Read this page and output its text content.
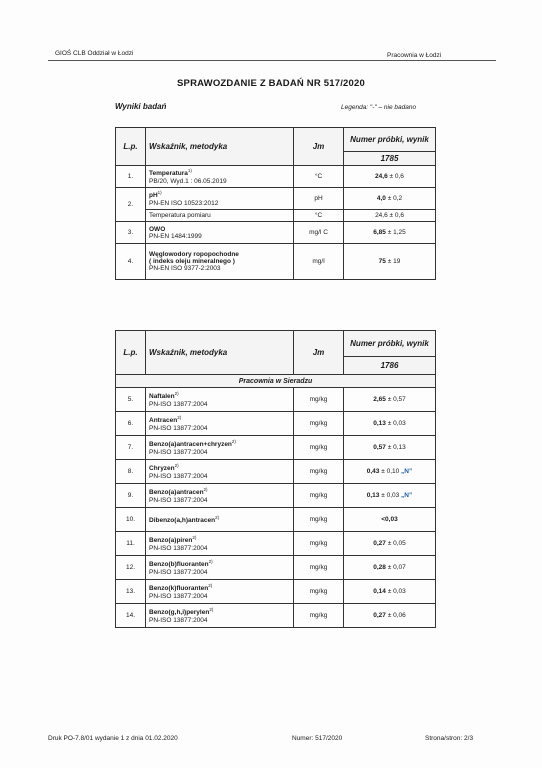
GIOŚ CLB Oddział w Łodzi	Pracownia w Łodzi
SPRAWOZDANIE Z BADAŃ NR 517/2020
Wyniki badań	Legenda: "-" – nie badano
L.p.	Wskaźnik, metodyka	Jm	Numer próbki, wynik
			1785
1.	Temperatura$^{1)}$
PB/20, Wyd.1 : 06.05.2019	°C	24,6 ± 0,6
2.	$pH^{1)}$
PN-EN ISO 10523:2012	pH	4,0 ± 0,2
	Temperatura pomiaru	°C	24,6 ± 0,6
3.	OWO
PN-EN 1484:1999	mg/l C	6,85 ± 1,25
4.	Węglowodory ropopochodne
( indeks oleju mineralnego )
PN-EN ISO 9377-2:2003	mg/l	75 ± 19
L.p.	Wskaźnik, metodyka	Jm	Numer próbki, wynik
			1786
Pracownia w Sieradzu			
5.	Naftalen$^{2)}$
PN-ISO 13877:2004	mg/kg	2,65 ± 0,57
6.	Antracen$^{2)}$
PN-ISO 13877:2004	mg/kg	0,13 ± 0,03
7.	Benzo(a)antracen+chryzen$^{2)}$
PN-ISO 13877:2004	mg/kg	0,57 ± 0,13
8.	Chryzen$^{2)}$
PN-ISO 13877:2004	mg/kg	0,43 ± 0,10 „N”
9.	Benzo(a)antracen$^{2)}$
PN-ISO 13877:2004	mg/kg	0,13 ± 0,03 „N”
10.	Dibenzo(a,h)antracen$^{2)}$	mg/kg	<0,03
11.	Benzo(a)piren$^{2)}$
PN-ISO 13877:2004	mg/kg	0,27 ± 0,05
12.	Benzo(b)fluoranten$^{2)}$
PN-ISO 13877:2004	mg/kg	0,28 ± 0,07
13.	Benzo(k)fluoranten$^{2)}$
PN-ISO 13877:2004	mg/kg	0,14 ± 0,03
14.	Benzo(g,h,i)perylen$^{2)}$
PN-ISO 13877:2004	mg/kg	0,27 ± 0,06
Druk PO-7.8/01 wydanie 1 z dnia 01.02.2020	Numer: 517/2020	Strona/stron: 2/3
